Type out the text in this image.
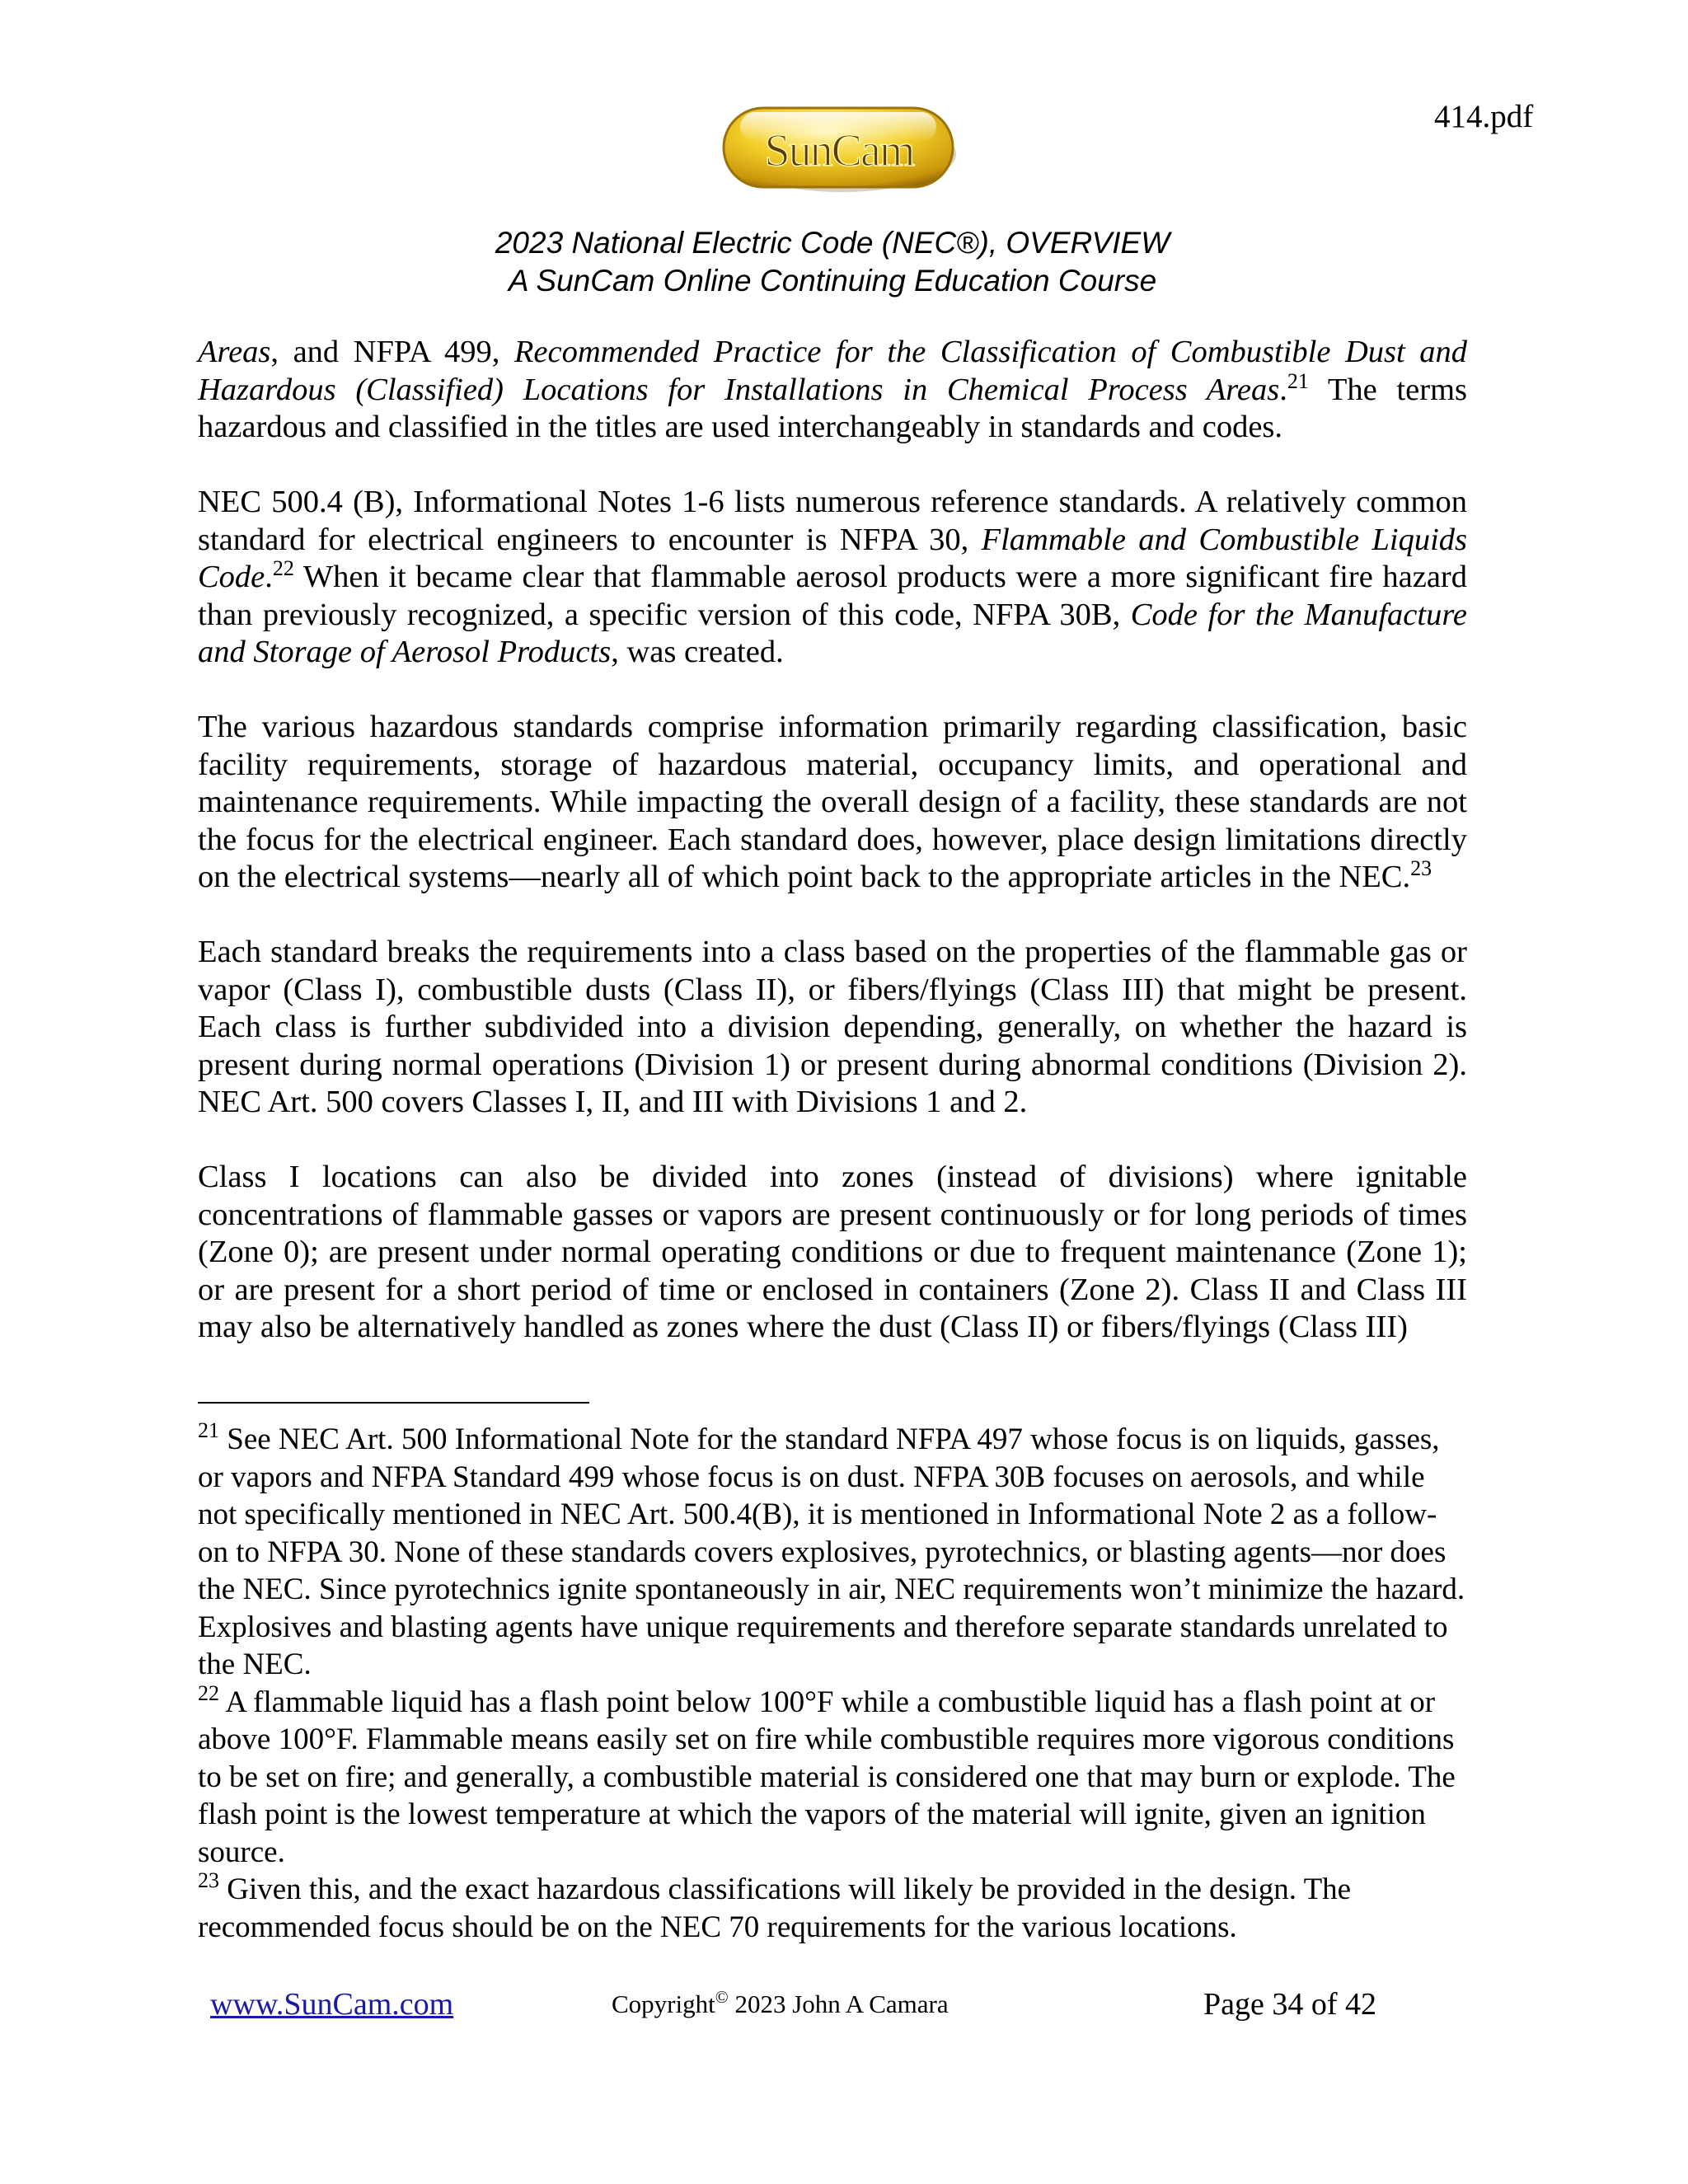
414.pdf
SunCam
2023 National Electric Code (NEC®), OVERVIEW
A SunCam Online Continuing Education Course

Areas, and NFPA 499, Recommended Practice for the Classification of Combustible Dust and Hazardous (Classified) Locations for Installations in Chemical Process Areas.$^{21}$ The terms hazardous and classified in the titles are used interchangeably in standards and codes.

NEC 500.4 (B), Informational Notes 1-6 lists numerous reference standards. A relatively common standard for electrical engineers to encounter is NFPA 30, Flammable and Combustible Liquids Code.$^{22}$ When it became clear that flammable aerosol products were a more significant fire hazard than previously recognized, a specific version of this code, NFPA 30B, Code for the Manufacture and Storage of Aerosol Products, was created.

The various hazardous standards comprise information primarily regarding classification, basic facility requirements, storage of hazardous material, occupancy limits, and operational and maintenance requirements. While impacting the overall design of a facility, these standards are not the focus for the electrical engineer. Each standard does, however, place design limitations directly on the electrical systems—nearly all of which point back to the appropriate articles in the NEC.$^{23}$

Each standard breaks the requirements into a class based on the properties of the flammable gas or vapor (Class I), combustible dusts (Class II), or fibers/flyings (Class III) that might be present. Each class is further subdivided into a division depending, generally, on whether the hazard is present during normal operations (Division 1) or present during abnormal conditions (Division 2). NEC Art. 500 covers Classes I, II, and III with Divisions 1 and 2.

Class I locations can also be divided into zones (instead of divisions) where ignitable concentrations of flammable gasses or vapors are present continuously or for long periods of times (Zone 0); are present under normal operating conditions or due to frequent maintenance (Zone 1); or are present for a short period of time or enclosed in containers (Zone 2). Class II and Class III may also be alternatively handled as zones where the dust (Class II) or fibers/flyings (Class III)

$^{21}$ See NEC Art. 500 Informational Note for the standard NFPA 497 whose focus is on liquids, gasses, or vapors and NFPA Standard 499 whose focus is on dust. NFPA 30B focuses on aerosols, and while not specifically mentioned in NEC Art. 500.4(B), it is mentioned in Informational Note 2 as a follow-on to NFPA 30. None of these standards covers explosives, pyrotechnics, or blasting agents—nor does the NEC. Since pyrotechnics ignite spontaneously in air, NEC requirements won’t minimize the hazard. Explosives and blasting agents have unique requirements and therefore separate standards unrelated to the NEC.

$^{22}$ A flammable liquid has a flash point below 100°F while a combustible liquid has a flash point at or above 100°F. Flammable means easily set on fire while combustible requires more vigorous conditions to be set on fire; and generally, a combustible material is considered one that may burn or explode. The flash point is the lowest temperature at which the vapors of the material will ignite, given an ignition source.

$^{23}$ Given this, and the exact hazardous classifications will likely be provided in the design. The recommended focus should be on the NEC 70 requirements for the various locations.

www.SunCam.com	Copyright© 2023 John A Camara	Page 34 of 42
